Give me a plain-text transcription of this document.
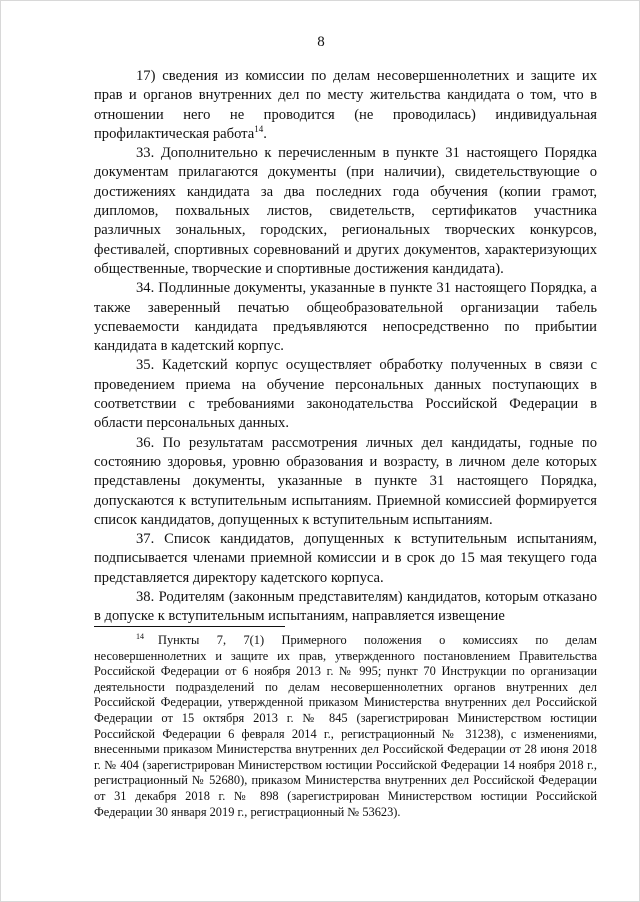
8

17) сведения из комиссии по делам несовершеннолетних и защите их прав и органов внутренних дел по месту жительства кандидата о том, что в отношении него не проводится (не проводилась) индивидуальная профилактическая работа$^{14}$.

33. Дополнительно к перечисленным в пункте 31 настоящего Порядка документам прилагаются документы (при наличии), свидетельствующие о достижениях кандидата за два последних года обучения (копии грамот, дипломов, похвальных листов, свидетельств, сертификатов участника различных зональных, городских, региональных творческих конкурсов, фестивалей, спортивных соревнований и других документов, характеризующих общественные, творческие и спортивные достижения кандидата).

34. Подлинные документы, указанные в пункте 31 настоящего Порядка, а также заверенный печатью общеобразовательной организации табель успеваемости кандидата предъявляются непосредственно по прибытии кандидата в кадетский корпус.

35. Кадетский корпус осуществляет обработку полученных в связи с проведением приема на обучение персональных данных поступающих в соответствии с требованиями законодательства Российской Федерации в области персональных данных.

36. По результатам рассмотрения личных дел кандидаты, годные по состоянию здоровья, уровню образования и возрасту, в личном деле которых представлены документы, указанные в пункте 31 настоящего Порядка, допускаются к вступительным испытаниям. Приемной комиссией формируется список кандидатов, допущенных к вступительным испытаниям.

37. Список кандидатов, допущенных к вступительным испытаниям, подписывается членами приемной комиссии и в срок до 15 мая текущего года представляется директору кадетского корпуса.

38. Родителям (законным представителям) кандидатов, которым отказано в допуске к вступительным испытаниям, направляется извещение

$^{14}$ Пункты 7, 7(1) Примерного положения о комиссиях по делам несовершеннолетних и защите их прав, утвержденного постановлением Правительства Российской Федерации от 6 ноября 2013 г. № 995; пункт 70 Инструкции по организации деятельности подразделений по делам несовершеннолетних органов внутренних дел Российской Федерации, утвержденной приказом Министерства внутренних дел Российской Федерации от 15 октября 2013 г. № 845 (зарегистрирован Министерством юстиции Российской Федерации 6 февраля 2014 г., регистрационный № 31238), с изменениями, внесенными приказом Министерства внутренних дел Российской Федерации от 28 июня 2018 г. № 404 (зарегистрирован Министерством юстиции Российской Федерации 14 ноября 2018 г., регистрационный № 52680), приказом Министерства внутренних дел Российской Федерации от 31 декабря 2018 г. № 898 (зарегистрирован Министерством юстиции Российской Федерации 30 января 2019 г., регистрационный № 53623).
